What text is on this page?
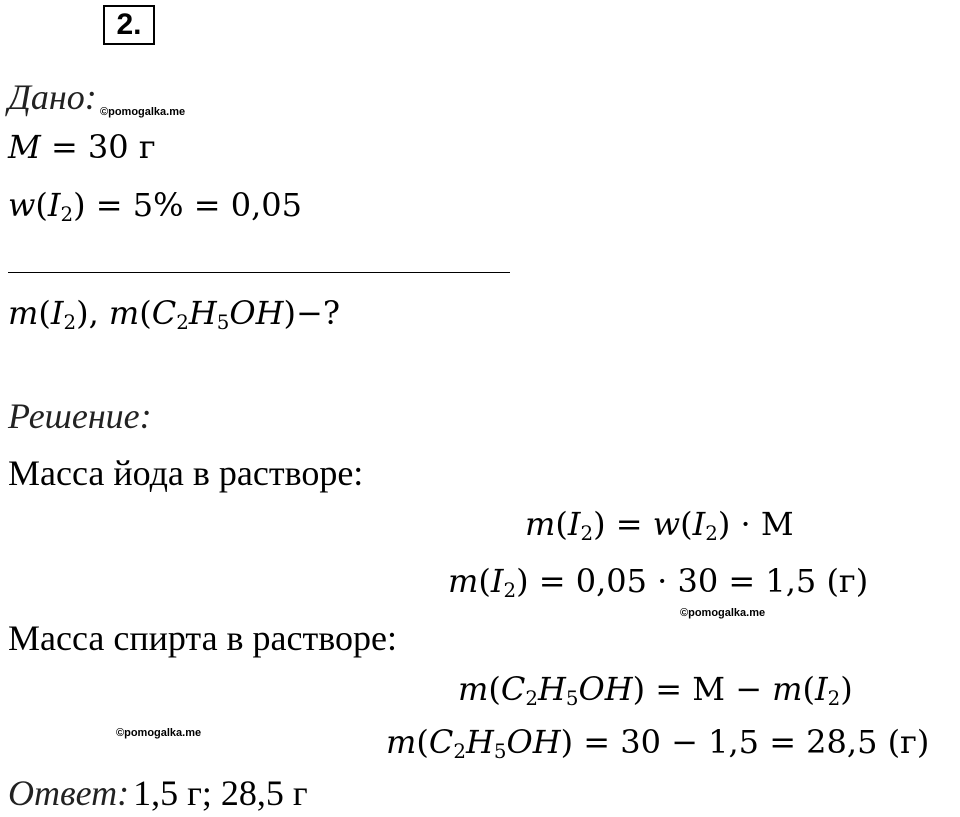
2.
Дано: ©pomogalka.me
M = 30 г
$w(I_2) = 5\% = 0,05$
$m(I_2)$, $m(C_2H_5OH)-$?
Решение:
Масса йода в растворе:
$m(I_2) = w(I_2) \cdot M$
$m(I_2) = 0,05 \cdot 30 = 1,5$ (г)
©pomogalka.me
Масса спирта в растворе:
$m(C_2H_5OH) = M - m(I_2)$
©pomogalka.me	$m(C_2H_5OH) = 30 - 1,5 = 28,5$ (г)
Ответ: 1,5 г; 28,5 г
